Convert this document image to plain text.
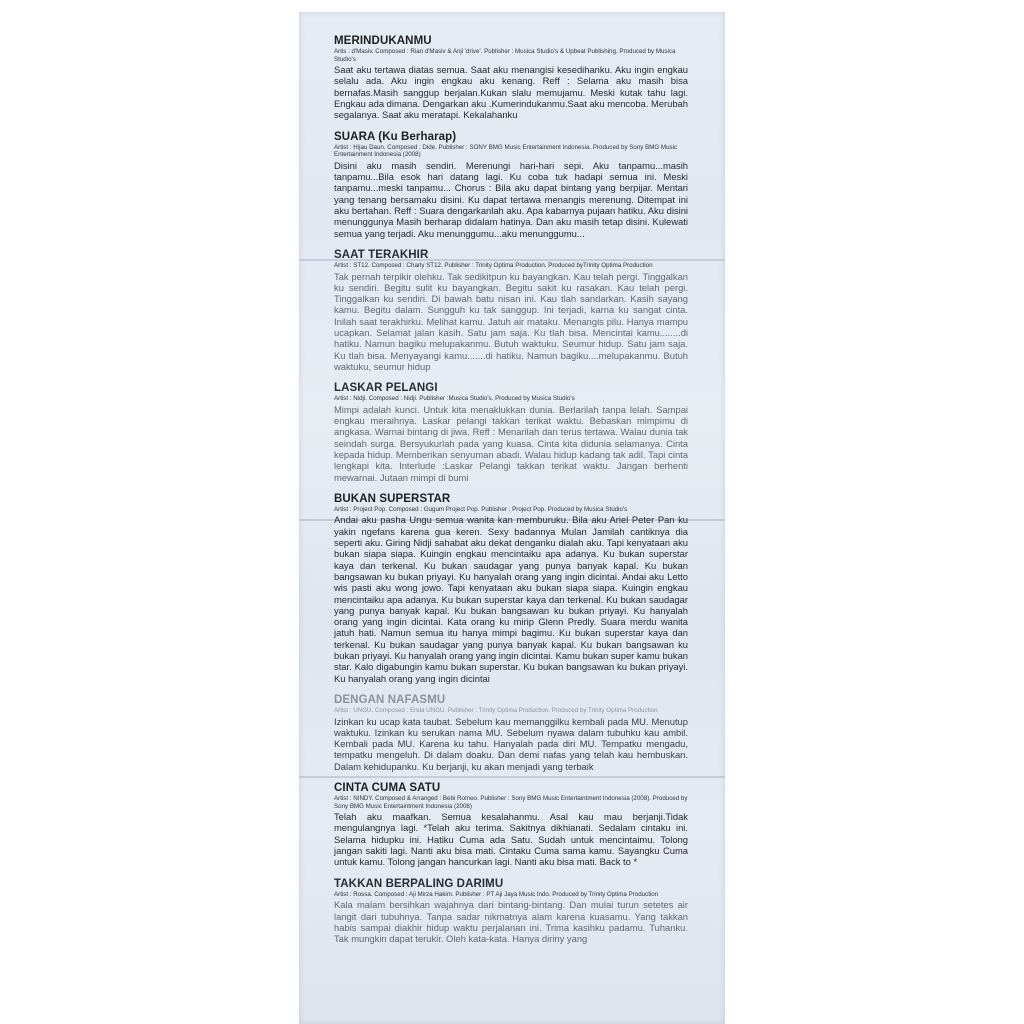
MERINDUKANMU

Artis : d'Masiv. Composed : Rian d'Masiv & Anji 'drive'. Publisher : Musica Studio's & Upbeat Publishing. Produced by Musica Studio's

Saat aku tertawa diatas semua. Saat aku menangisi kesedihanku. Aku ingin engkau selalu ada. Aku ingin engkau aku kenang. Reff : Selama aku masih bisa bernafas.Masih sanggup berjalan.Kukan slalu memujamu. Meski kutak tahu lagi. Engkau ada dimana. Dengarkan aku .Kumerindukanmu.Saat aku mencoba. Merubah segalanya. Saat aku meratapi. Kekalahanku

SUARA (Ku Berharap)

Artist : Hijau Daun. Composed : Dide. Publisher : SONY BMG Music Entertainment Indonesia. Produced by Sony BMG Music Entertainment Indonesia (2008)

Disini aku masih sendiri. Merenungi hari-hari sepi. Aku tanpamu...masih tanpamu...Bila esok hari datang lagi. Ku coba tuk hadapi semua ini. Meski tanpamu...meski tanpamu... Chorus : Bila aku dapat bintang yang berpijar. Mentari yang tenang bersamaku disini. Ku dapat tertawa menangis merenung. Ditempat ini aku bertahan. Reff : Suara dengarkanlah aku. Apa kabarnya pujaan hatiku. Aku disini menunggunya Masih berharap didalam hatinya. Dan aku masih tetap disini. Kulewati semua yang terjadi. Aku menunggumu...aku menunggumu...

SAAT TERAKHIR

Artist : ST12. Composed : Charly ST12. Publisher : Trinity Optima Production. Produced byTrinity Optima Production

Tak pernah terpikir olehku. Tak sedikitpun ku bayangkan. Kau telah pergi. Tinggalkan ku sendiri. Begitu sulit ku bayangkan. Begitu sakit ku rasakan. Kau telah pergi. Tinggalkan ku sendiri. Di bawah batu nisan ini. Kau tlah sandarkan. Kasih sayang kamu. Begitu dalam. Sungguh ku tak sanggup. Ini terjadi, karna ku sangat cinta. Inilah saat terakhirku. Melihat kamu. Jatuh air mataku. Menangis pilu. Hanya mampu ucapkan. Selamat jalan kasih. Satu jam saja. Ku tlah bisa. Mencintai kamu........di hatiku. Namun bagiku melupakanmu. Butuh waktuku. Seumur hidup. Satu jam saja. Ku tlah bisa. Menyayangi kamu.......di hatiku. Namun bagiku....melupakanmu. Butuh waktuku, seumur hidup

LASKAR PELANGI

Artist : Nidji. Composed : Nidji. Publisher :Musica Studio's. Produced by Musica Studio's

Mimpi adalah kunci. Untuk kita menaklukkan dunia. Berlarilah tanpa lelah. Sampai engkau meraihnya. Laskar pelangi takkan terikat waktu. Bebaskan mimpimu di angkasa. Warnai bintang di jiwa. Reff : Menarilah dan terus tertawa. Walau dunia tak seindah surga. Bersyukurlah pada yang kuasa. Cinta kita didunia selamanya. Cinta kepada hidup. Memberikan senyuman abadi. Walau hidup kadang tak adil. Tapi cinta lengkapi kita. Interlude :Laskar Pelangi takkan terikat waktu. Jangan berhenti mewarnai. Jutaan mimpi di bumi

BUKAN SUPERSTAR

Artist : Project Pop. Composed : Gugum Project Pop. Publisher : Project Pop. Produced by Musica Studio's

Andai aku pasha Ungu semua wanita kan memburuku. Bila aku Ariel Peter Pan ku yakin ngefans karena gua keren. Sexy badannya Mulan Jamilah cantiknya dia seperti aku. Giring Nidji sahabat aku dekat denganku dialah aku. Tapi kenyataan aku bukan siapa siapa. Kuingin engkau mencintaiku apa adanya. Ku bukan superstar kaya dan terkenal. Ku bukan saudagar yang punya banyak kapal. Ku bukan bangsawan ku bukan priyayi. Ku hanyalah orang yang ingin dicintai. Andai aku Letto wis pasti aku wong jowo. Tapi kenyataan aku bukan siapa siapa. Kuingin engkau mencintaiku apa adanya. Ku bukan superstar kaya dan terkenal. Ku bukan saudagar yang punya banyak kapal. Ku bukan bangsawan ku bukan priyayi. Ku hanyalah orang yang ingin dicintai. Kata orang ku mirip Glenn Predly. Suara merdu wanita jatuh hati. Namun semua itu hanya mimpi bagimu. Ku bukan superstar kaya dan terkenal. Ku bukan saudagar yang punya banyak kapal. Ku bukan bangsawan ku bukan priyayi. Ku hanyalah orang yang ingin dicintai. Kamu bukan super kamu bukan star. Kalo digabungin kamu bukan superstar. Ku bukan bangsawan ku bukan priyayi. Ku hanyalah orang yang ingin dicintai

DENGAN NAFASMU

Artist : UNGU. Composed : Enda UNGU. Publisher : Trinity Optima Production. Produced by Trinity Optima Production

Izinkan ku ucap kata taubat. Sebelum kau memanggilku kembali pada MU. Menutup waktuku. Izinkan ku serukan nama MU. Sebelum nyawa dalam tubuhku kau ambil. Kembali pada MU. Karena ku tahu. Hanyalah pada diri MU. Tempatku mengadu, tempatku mengeluh. Di dalam doaku. Dan demi nafas yang telah kau hembuskan. Dalam kehidupanku. Ku berjanji, ku akan menjadi yang terbaik

CINTA CUMA SATU

Artist : NINDY. Composed & Arranged : Bebi Romeo. Publisher : Sony BMG Music Entertaintment Indonesia (2008). Produced by Sony BMG Music Entertaintment Indonesia (2008)

Telah aku maafkan. Semua kesalahanmu. Asal kau mau berjanji.Tidak mengulangnya lagi. *Telah aku terima. Sakitnya dikhianati. Sedalam cintaku ini. Selama hidupku ini. Hatiku Cuma ada Satu. Sudah untuk mencintaimu. Tolong jangan sakiti lagi. Nanti aku bisa mati. Cintaku Cuma sama kamu. Sayangku Cuma untuk kamu. Tolong jangan hancurkan lagi. Nanti aku bisa mati. Back to *

TAKKAN BERPALING DARIMU

Artist : Rossa. Composed : Aji Mirza Hakim. Publisher : PT Aji Jaya Music Indo. Produced by Trinity Optima Production

Kala malam bersihkan wajahnya dari bintang-bintang. Dan mulai turun setetes air langit dari tubuhnya. Tanpa sadar nikmatnya alam karena kuasamu. Yang takkan habis sampai diakhir hidup waktu perjalanan ini. Trima kasihku padamu. Tuhanku. Tak mungkin dapat terukir. Oleh kata-kata. Hanya diriny yang
